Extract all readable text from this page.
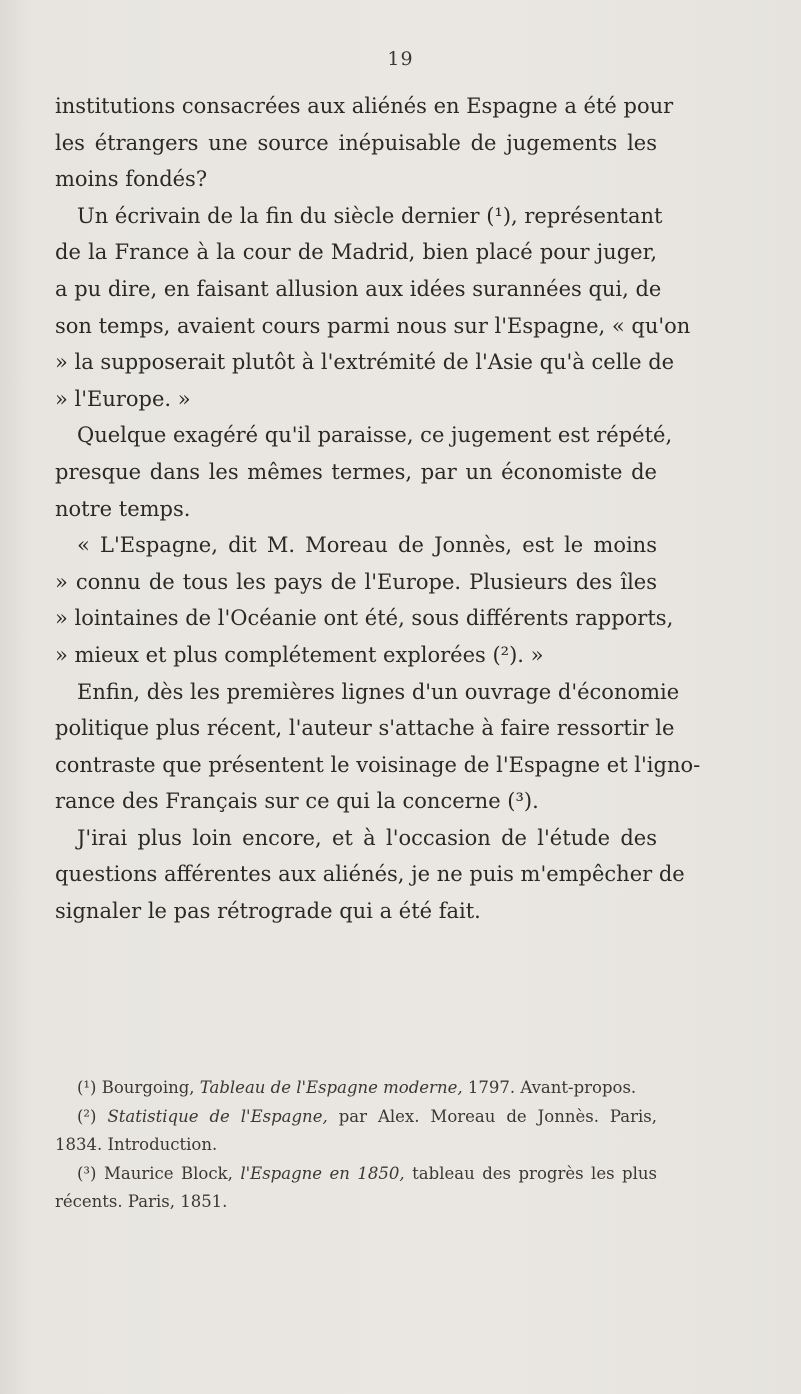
19
institutions consacrées aux aliénés en Espagne a été pour
les étrangers une source inépuisable de jugements les
moins fondés?
Un écrivain de la fin du siècle dernier (¹), représentant
de la France à la cour de Madrid, bien placé pour juger,
a pu dire, en faisant allusion aux idées surannées qui, de
son temps, avaient cours parmi nous sur l'Espagne, « qu'on
» la supposerait plutôt à l'extrémité de l'Asie qu'à celle de
» l'Europe. »
Quelque exagéré qu'il paraisse, ce jugement est répété,
presque dans les mêmes termes, par un économiste de
notre temps.
« L'Espagne, dit M. Moreau de Jonnès, est le moins
» connu de tous les pays de l'Europe. Plusieurs des îles
» lointaines de l'Océanie ont été, sous différents rapports,
» mieux et plus complétement explorées (²). »
Enfin, dès les premières lignes d'un ouvrage d'économie
politique plus récent, l'auteur s'attache à faire ressortir le
contraste que présentent le voisinage de l'Espagne et l'igno-
rance des Français sur ce qui la concerne (³).
J'irai plus loin encore, et à l'occasion de l'étude des
questions afférentes aux aliénés, je ne puis m'empêcher de
signaler le pas rétrograde qui a été fait.
(¹) Bourgoing, Tableau de l'Espagne moderne, 1797. Avant-propos.
(²) Statistique de l'Espagne, par Alex. Moreau de Jonnès. Paris,
1834. Introduction.
(³) Maurice Block, l'Espagne en 1850, tableau des progrès les plus
récents. Paris, 1851.
